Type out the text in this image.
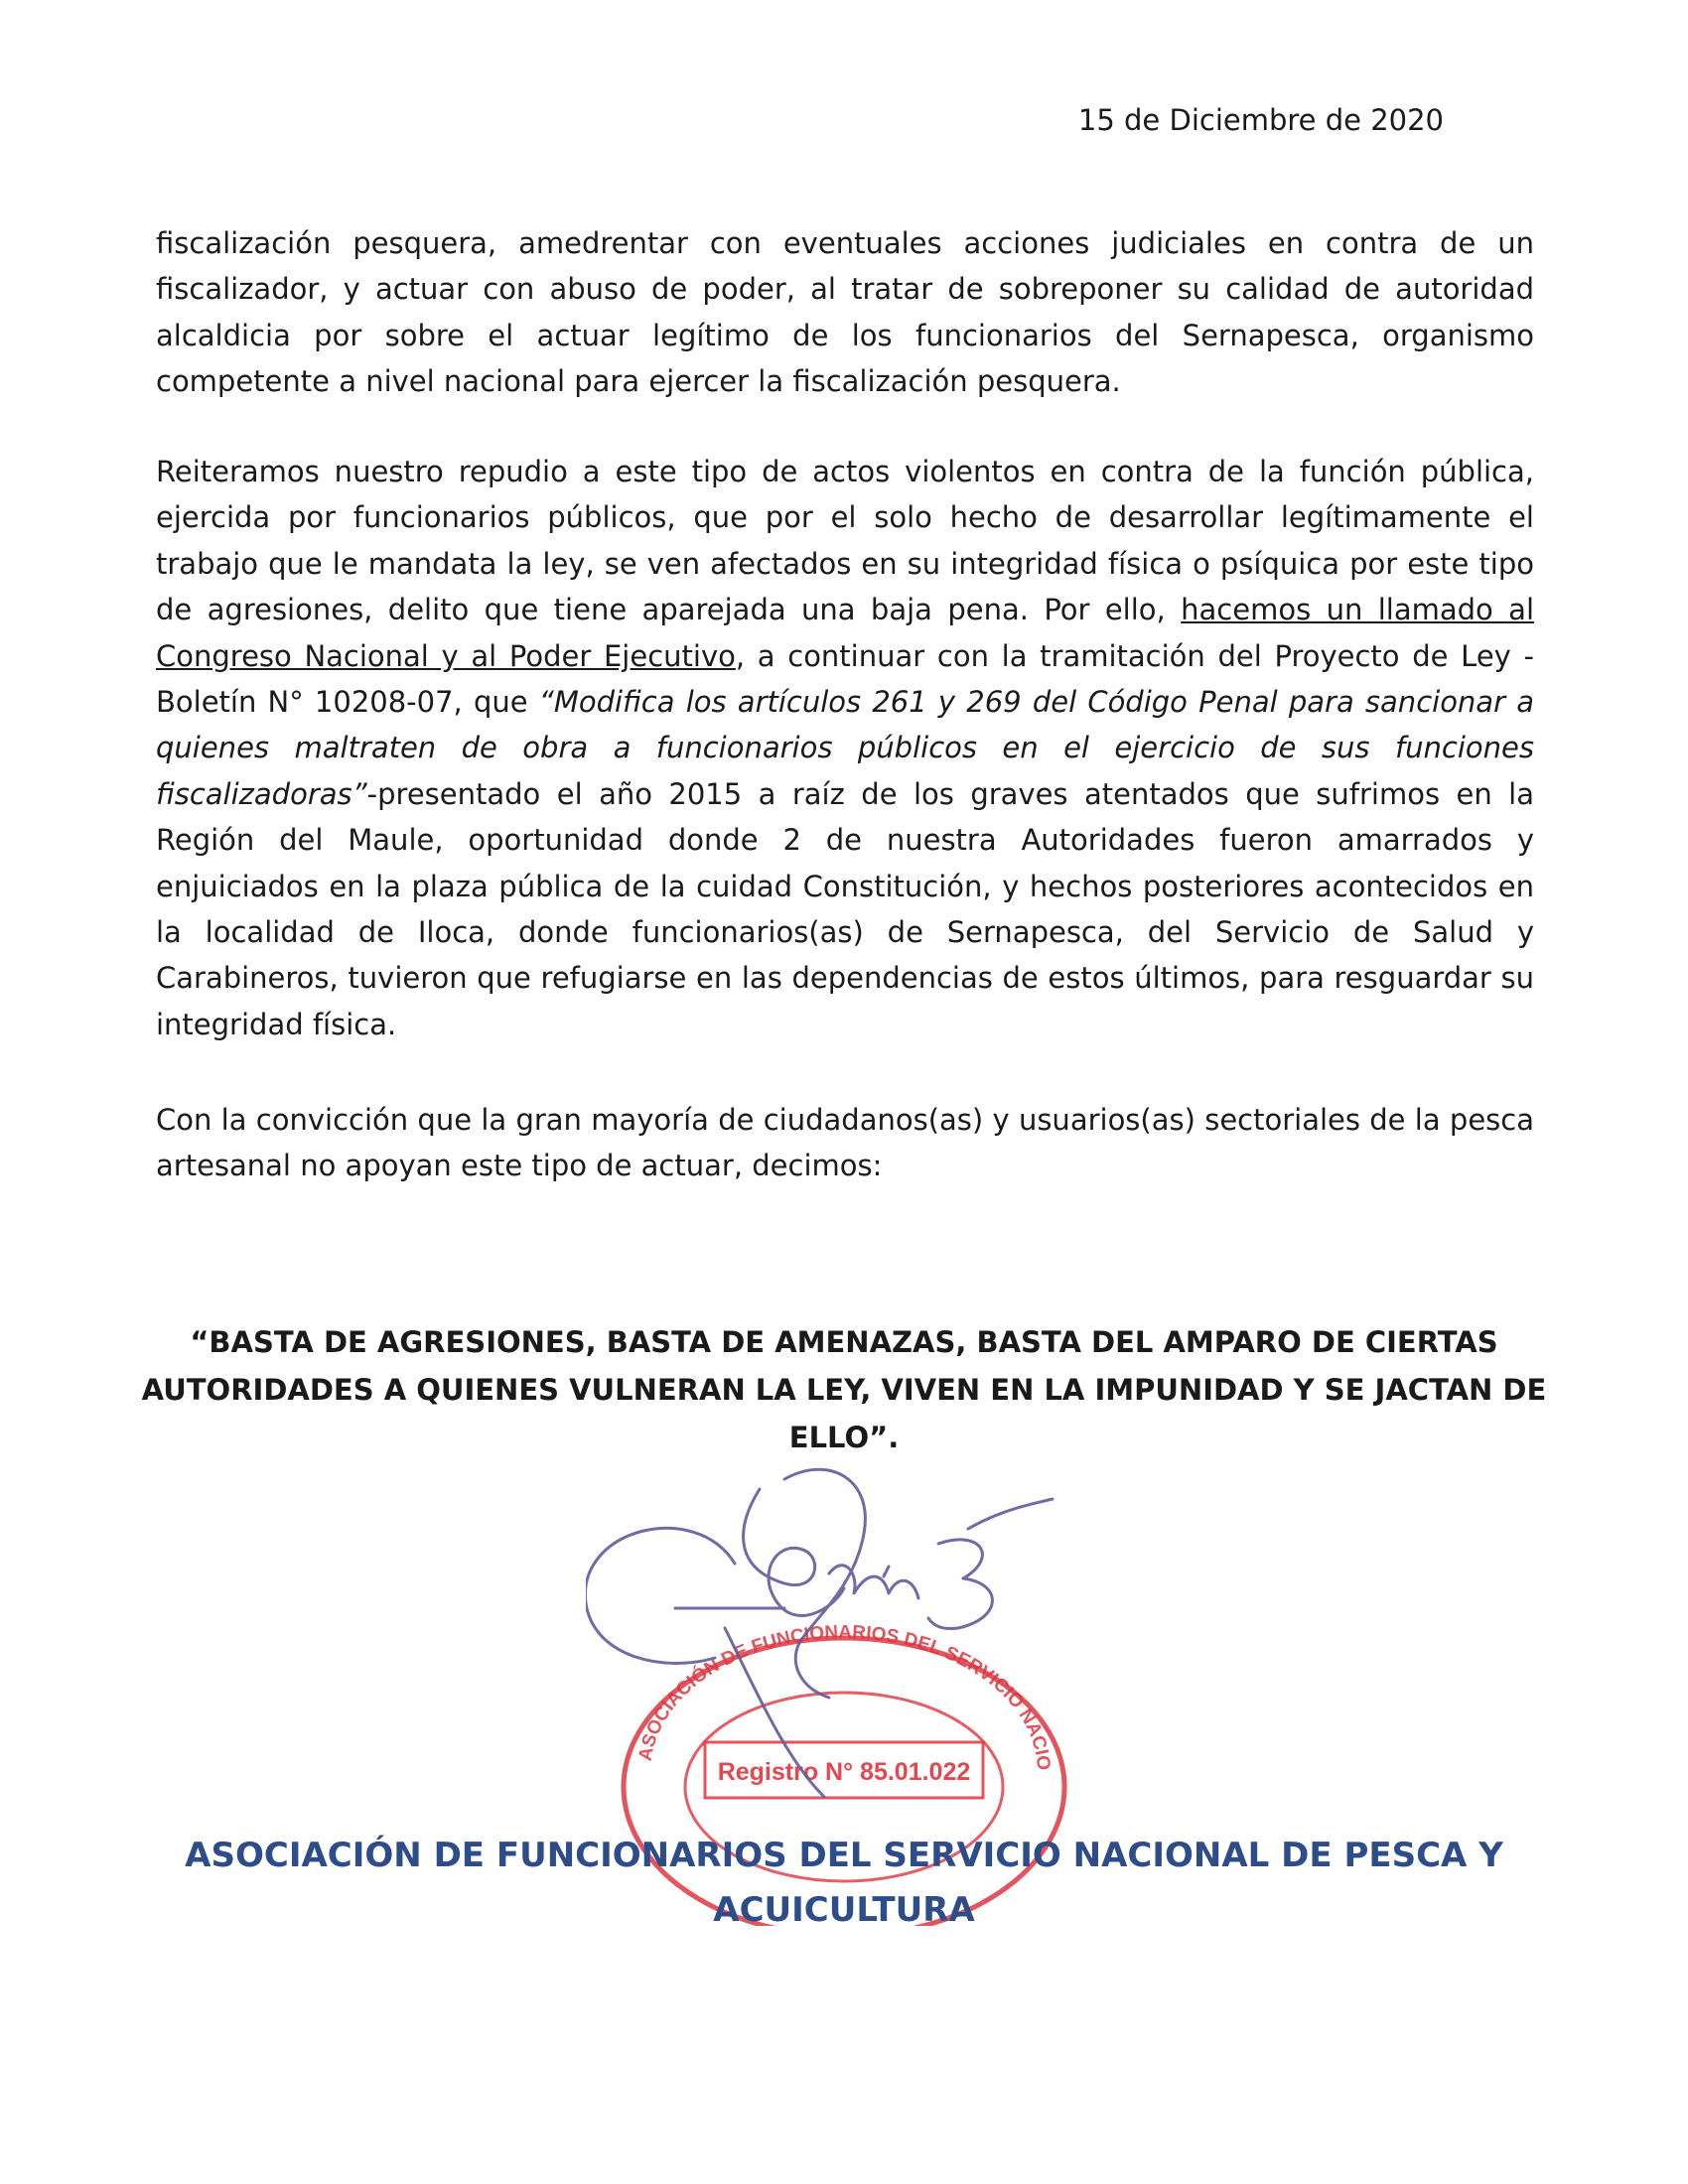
15 de Diciembre de 2020

fiscalización pesquera, amedrentar con eventuales acciones judiciales en contra de un fiscalizador, y actuar con abuso de poder, al tratar de sobreponer su calidad de autoridad alcaldicia por sobre el actuar legítimo de los funcionarios del Sernapesca, organismo competente a nivel nacional para ejercer la fiscalización pesquera.

Reiteramos nuestro repudio a este tipo de actos violentos en contra de la función pública, ejercida por funcionarios públicos, que por el solo hecho de desarrollar legítimamente el trabajo que le mandata la ley, se ven afectados en su integridad física o psíquica por este tipo de agresiones, delito que tiene aparejada una baja pena. Por ello, hacemos un llamado al Congreso Nacional y al Poder Ejecutivo, a continuar con la tramitación del Proyecto de Ley - Boletín N° 10208-07, que “Modifica los artículos 261 y 269 del Código Penal para sancionar a quienes maltraten de obra a funcionarios públicos en el ejercicio de sus funciones fiscalizadoras”-presentado el año 2015 a raíz de los graves atentados que sufrimos en la Región del Maule, oportunidad donde 2 de nuestra Autoridades fueron amarrados y enjuiciados en la plaza pública de la cuidad Constitución, y hechos posteriores acontecidos en la localidad de Iloca, donde funcionarios(as) de Sernapesca, del Servicio de Salud y Carabineros, tuvieron que refugiarse en las dependencias de estos últimos, para resguardar su integridad física.

Con la convicción que la gran mayoría de ciudadanos(as) y usuarios(as) sectoriales de la pesca artesanal no apoyan este tipo de actuar, decimos:

“BASTA DE AGRESIONES, BASTA DE AMENAZAS, BASTA DEL AMPARO DE CIERTAS AUTORIDADES A QUIENES VULNERAN LA LEY, VIVEN EN LA IMPUNIDAD Y SE JACTAN DE ELLO”.

ASOCIACIÓN DE FUNCIONARIOS DEL SERVICIO NACIO
Registro N° 85.01.022

ASOCIACIÓN DE FUNCIONARIOS DEL SERVICIO NACIONAL DE PESCA Y ACUICULTURA
